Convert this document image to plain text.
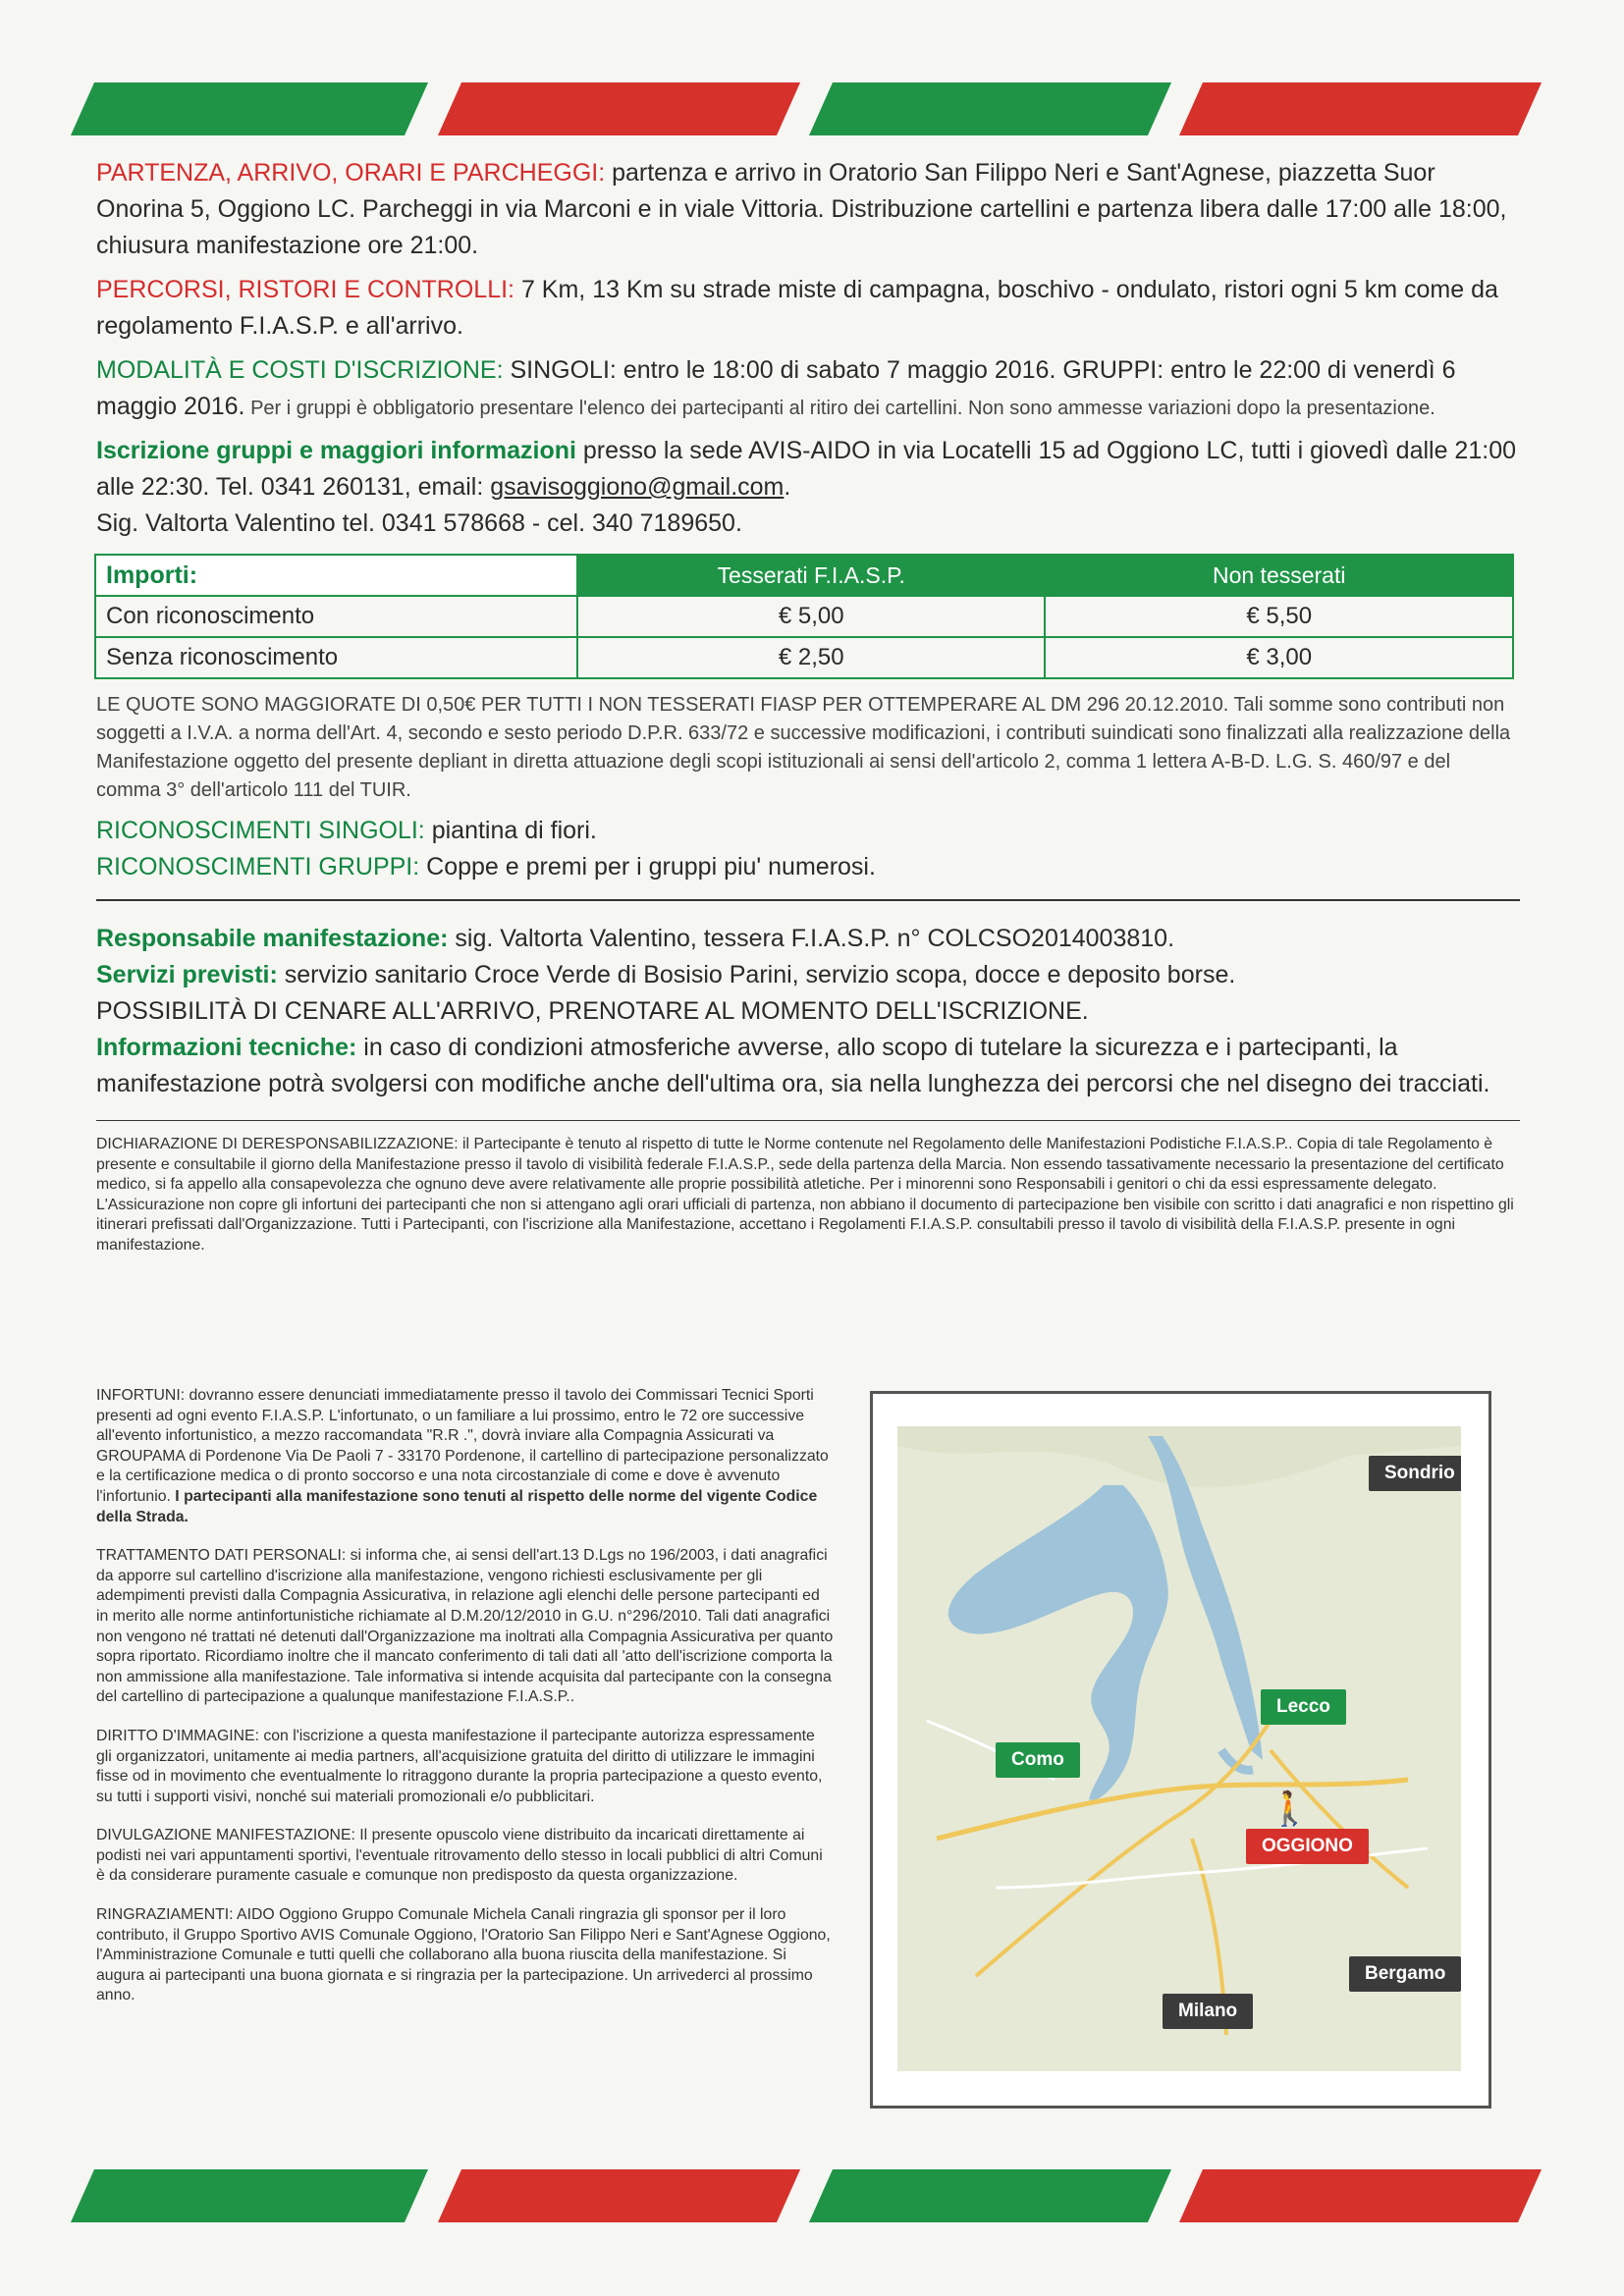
PARTENZA, ARRIVO, ORARI E PARCHEGGI: partenza e arrivo in Oratorio San Filippo Neri e Sant'Agnese, piazzetta Suor Onorina 5, Oggiono LC. Parcheggi in via Marconi e in viale Vittoria. Distribuzione cartellini e partenza libera dalle 17:00 alle 18:00, chiusura manifestazione ore 21:00.

PERCORSI, RISTORI E CONTROLLI: 7 Km, 13 Km su strade miste di campagna, boschivo - ondulato, ristori ogni 5 km come da regolamento F.I.A.S.P. e all'arrivo.

MODALITÀ E COSTI D'ISCRIZIONE: SINGOLI: entro le 18:00 di sabato 7 maggio 2016. GRUPPI: entro le 22:00 di venerdì 6 maggio 2016. Per i gruppi è obbligatorio presentare l'elenco dei partecipanti al ritiro dei cartellini. Non sono ammesse variazioni dopo la presentazione.

Iscrizione gruppi e maggiori informazioni presso la sede AVIS-AIDO in via Locatelli 15 ad Oggiono LC, tutti i giovedì dalle 21:00 alle 22:30. Tel. 0341 260131, email: gsavisoggiono@gmail.com.

Sig. Valtorta Valentino tel. 0341 578668 - cel. 340 7189650.

Importi:	Tesserati F.I.A.S.P.	Non tesserati
Con riconoscimento	€ 5,00	€ 5,50
Senza riconoscimento	€ 2,50	€ 3,00

LE QUOTE SONO MAGGIORATE DI 0,50€ PER TUTTI I NON TESSERATI FIASP PER OTTEMPERARE AL DM 296 20.12.2010. Tali somme sono contributi non soggetti a I.V.A. a norma dell'Art. 4, secondo e sesto periodo D.P.R. 633/72 e successive modificazioni, i contributi suindicati sono finalizzati alla realizzazione della Manifestazione oggetto del presente depliant in diretta attuazione degli scopi istituzionali ai sensi dell'articolo 2, comma 1 lettera A-B-D. L.G. S. 460/97 e del comma 3° dell'articolo 111 del TUIR.

RICONOSCIMENTI SINGOLI: piantina di fiori.

RICONOSCIMENTI GRUPPI: Coppe e premi per i gruppi piu' numerosi.

Responsabile manifestazione: sig. Valtorta Valentino, tessera F.I.A.S.P. n° COLCSO2014003810.

Servizi previsti: servizio sanitario Croce Verde di Bosisio Parini, servizio scopa, docce e deposito borse.

POSSIBILITÀ DI CENARE ALL'ARRIVO, PRENOTARE AL MOMENTO DELL'ISCRIZIONE.

Informazioni tecniche: in caso di condizioni atmosferiche avverse, allo scopo di tutelare la sicurezza e i partecipanti, la manifestazione potrà svolgersi con modifiche anche dell'ultima ora, sia nella lunghezza dei percorsi che nel disegno dei tracciati.

DICHIARAZIONE DI DERESPONSABILIZZAZIONE: il Partecipante è tenuto al rispetto di tutte le Norme contenute nel Regolamento delle Manifestazioni Podistiche F.I.A.S.P.. Copia di tale Regolamento è presente e consultabile il giorno della Manifestazione presso il tavolo di visibilità federale F.I.A.S.P., sede della partenza della Marcia. Non essendo tassativamente necessario la presentazione del certificato medico, si fa appello alla consapevolezza che ognuno deve avere relativamente alle proprie possibilità atletiche. Per i minorenni sono Responsabili i genitori o chi da essi espressamente delegato. L'Assicurazione non copre gli infortuni dei partecipanti che non si attengano agli orari ufficiali di partenza, non abbiano il documento di partecipazione ben visibile con scritto i dati anagrafici e non rispettino gli itinerari prefissati dall'Organizzazione. Tutti i Partecipanti, con l'iscrizione alla Manifestazione, accettano i Regolamenti F.I.A.S.P. consultabili presso il tavolo di visibilità della F.I.A.S.P. presente in ogni manifestazione.

INFORTUNI: dovranno essere denunciati immediatamente presso il tavolo dei Commissari Tecnici Sporti presenti ad ogni evento F.I.A.S.P. L'infortunato, o un familiare a lui prossimo, entro le 72 ore successive all'evento infortunistico, a mezzo raccomandata "R.R .", dovrà inviare alla Compagnia Assicurati va GROUPAMA di Pordenone Via De Paoli 7 - 33170 Pordenone, il cartellino di partecipazione personalizzato e la certificazione medica o di pronto soccorso e una nota circostanziale di come e dove è avvenuto l'infortunio. I partecipanti alla manifestazione sono tenuti al rispetto delle norme del vigente Codice della Strada.

TRATTAMENTO DATI PERSONALI: si informa che, ai sensi dell'art.13 D.Lgs no 196/2003, i dati anagrafici da apporre sul cartellino d'iscrizione alla manifestazione, vengono richiesti esclusivamente per gli adempimenti previsti dalla Compagnia Assicurativa, in relazione agli elenchi delle persone partecipanti ed in merito alle norme antinfortunistiche richiamate al D.M.20/12/2010 in G.U. n°296/2010. Tali dati anagrafici non vengono né trattati né detenuti dall'Organizzazione ma inoltrati alla Compagnia Assicurativa per quanto sopra riportato. Ricordiamo inoltre che il mancato conferimento di tali dati all 'atto dell'iscrizione comporta la non ammissione alla manifestazione. Tale informativa si intende acquisita dal partecipante con la consegna del cartellino di partecipazione a qualunque manifestazione F.I.A.S.P..

DIRITTO D'IMMAGINE: con l'iscrizione a questa manifestazione il partecipante autorizza espressamente gli organizzatori, unitamente ai media partners, all'acquisizione gratuita del diritto di utilizzare le immagini fisse od in movimento che eventualmente lo ritraggono durante la propria partecipazione a questo evento, su tutti i supporti visivi, nonché sui materiali promozionali e/o pubblicitari.

DIVULGAZIONE MANIFESTAZIONE: Il presente opuscolo viene distribuito da incaricati direttamente ai podisti nei vari appuntamenti sportivi, l'eventuale ritrovamento dello stesso in locali pubblici di altri Comuni è da considerare puramente casuale e comunque non predisposto da questa organizzazione.

RINGRAZIAMENTI: AIDO Oggiono Gruppo Comunale Michela Canali ringrazia gli sponsor per il loro contributo, il Gruppo Sportivo AVIS Comunale Oggiono, l'Oratorio San Filippo Neri e Sant'Agnese Oggiono, l'Amministrazione Comunale e tutti quelli che collaborano alla buona riuscita della manifestazione. Si augura ai partecipanti una buona giornata e si ringrazia per la partecipazione. Un arrivederci al prossimo anno.

Sondrio
Lecco
Como
🚶
OGGIONO
Bergamo
Milano
